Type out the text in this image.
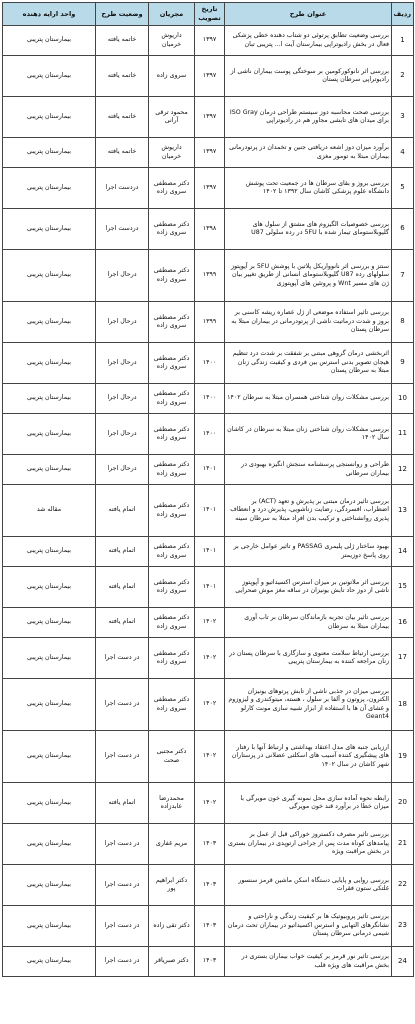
ردیف	عنوان طرح	تاریخ تصویب	مجریان	وضعیت طرح	واحد ارایه دهنده
1	بررسی وضعیت تطابق پرتوئی دو شتاب دهنده خطی پزشکی فعال در بخش رادیوتراپی بیمارستان آیت ا... پتریبی تبان	۱۳۹۷	داریوش خرمیان	خاتمه یافته	بیمارستان پتریبی
2	بررسی اثر نانوکورکومین بر سوختگی پوست بیماران ناشی از رادیوتراپی سرطان پستان	۱۳۹۷	سروی زاده	خاتمه یافته	بیمارستان پتریبی
3	بررسی صحت محاسبه دوز سیستم طراحی درمان ISO Gray برای میدان های تابشی مجاور هم در رادیوتراپی	۱۳۹۷	محمود ترقی آرانی	خاتمه یافته	بیمارستان پتریبی
4	برآورد میزان دوز اشعه دریافتی جنین و تخمدان در پرتودرمانی بیماران مبتلا به تومور مغزی	۱۳۹۷	داریوش خرمیان	خاتمه یافته	بیمارستان پتریبی
5	بررسی بروز و بقای سرطان ها در جمعیت تحت پوشش دانشگاه علوم پزشکی کاشان سال ۱۳۹۲ تا ۱۴۰۲	۱۳۹۷	دکتر مصطفی سروی زاده	دردست اجرا	بیمارستان پتریبی
6	بررسی خصوصیات الگیزوم های مشتق از سلول های گلیوبلاستومای تیمار شده با 5FU در رده سلولی U87	۱۳۹۸	دکتر مصطفی سروی زاده	دردست اجرا	بیمارستان پتریبی
7	سنتز و بررسی اثر نانوواریکل پلاتین با پوشش 5FU بر آپوپتوز سلولهای رده U87 گلیوبلاستومای انسانی از طریق تغییر بیان ژن های مسیر Wnt و پروتئین های آپوپتوزی	۱۳۹۹	دکتر مصطفی سروی زاده	درحال اجرا	بیمارستان پتریبی
8	بررسی تاثیر استفاده موضعی از ژل عصاره ریشه کاسنی بر بروز و شدت درماتیت ناشی از پرتودرمانی در بیماران مبتلا به سرطان پستان	۱۳۹۹	دکتر مصطفی سروی زاده	درحال اجرا	بیمارستان پتریبی
9	اثربخشی درمان گروهی مبتنی بر شفقت بر شدت درد تنظیم هیجان تصویر بدنی استرس بین فردی و کیفیت زندگی زنان مبتلا به سرطان پستان	۱۴۰۰	دکتر مصطفی سروی زاده	درحال اجرا	بیمارستان پتریبی
10	بررسی مشکلات روان شناختی همسران مبتلا به سرطان ۱۴۰۲	۱۴۰۰	دکتر مصطفی سروی زاده	درحال اجرا	بیمارستان پتریبی
11	بررسی مشکلات روان شناختی زنان مبتلا به سرطان در کاشان سال ۱۴۰۲	۱۴۰۰	دکتر مصطفی سروی زاده	درحال اجرا	بیمارستان پتریبی
12	طراحی و روانسنجی پرسشنامه سنجش انگیزه بهبودی در بیماران سرطانی	۱۴۰۱	دکتر مصطفی سروی زاده	درحال اجرا	بیمارستان پتریبی
13	بررسی تاثیر درمان مبتنی بر پذیرش و تعهد (ACT) بر اضطراب، افسردگی، رضایت زناشویی، پذیرش درد و انعطاف پذیری روانشناختی و ترکیب بدن افراد مبتلا به سرطان سینه	۱۴۰۱	دکتر مصطفی سروی زاده	اتمام یافته	مقاله شد
14	بهبود ساختار ژلی پلیمری PASSAG و تاثیر عوامل خارجی بر روی پاسخ دوزیمتر	۱۴۰۱	دکتر مصطفی سروی زاده	اتمام یافته	بیمارستان پتریبی
15	بررسی اثر ملاتونین بر میزان استرس اکسیداتیو و آپوپتوز ناشی از دوز حاد تابش یونیزان در ساقه مغز موش صحرایی	۱۴۰۱	دکتر مصطفی سروی زاده	اتمام یافته	بیمارستان پتریبی
16	بررسی تاثیر بیان تجربه بازماندگان سرطان بر تاب آوری بیماران مبتلا به سرطان	۱۴۰۲	دکتر مصطفی سروی زاده	اتمام یافته	بیمارستان پتریبی
17	بررسی ارتباط سلامت معنوی و سازگاری با سرطان پستان در زنان مراجعه کننده به بیمارستان پتریبی	۱۴۰۲	دکتر مصطفی سروی زاده	در دست اجرا	بیمارستان پتریبی
18	بررسی میزان در جذبی ناشی از تابش پرتوهای یونیزان الکترون، پروتون و آلفا بر سلول ، هسته، میتوکندری و لیزوزوم و غشای آن ها با استفاده از ابزار شبیه سازی مونت کارلو Geant4	۱۴۰۲	دکتر مصطفی سروی زاده	در دست اجرا	بیمارستان پتریبی
19	ارزیابی جنبه های مدل اعتقاد بهداشتی و ارتباط آنها با رفتار های پیشگیری کننده آسیب های اسکلتی عضلانی در پرستاران شهر کاشان در سال ۱۴۰۲	۱۴۰۲	دکتر مجتبی صحت	در دست اجرا	بیمارستان پتریبی
20	رابطه نحوه آماده سازی محل نمونه گیری خون مویرگی با میزان خطا در برآورد قند خون مویرگی	۱۴۰۲	محمدرضا عابدزاده	اتمام یافته	بیمارستان پتریبی
21	بررسی تاثیر مصرف دکستروز خوراکی قبل از عمل بر پیامدهای کوتاه مدت پس از جراحی ارتوپدی در بیماران بستری در بخش مراقبت ویژه	۱۴۰۳	مریم غفاری	در دست اجرا	بیمارستان پتریبی
22	بررسی روایی و پایایی دستگاه اسکن ماشین قرمز سنسور غلتکی ستون فقرات	۱۴۰۳	دکتر ابراهیم پور	در دست اجرا	بیمارستان پتریبی
23	بررسی تاثیر پروبیوتیک ها بر کیفیت زندگی و ناراحتی و نشانگرهای التهابی و استرس اکسیداتیو در بیماران تحت درمان شیمی درمانی سرطان پستان	۱۴۰۳	دکتر تقی زاده	در دست اجرا	بیمارستان پتریبی
24	بررسی تاثیر نور قرمز بر کیفیت خواب بیماران بستری در بخش مراقبت های ویژه قلب	۱۴۰۳	دکتر صبریاقر	در دست اجرا	بیمارستان پتریبی
